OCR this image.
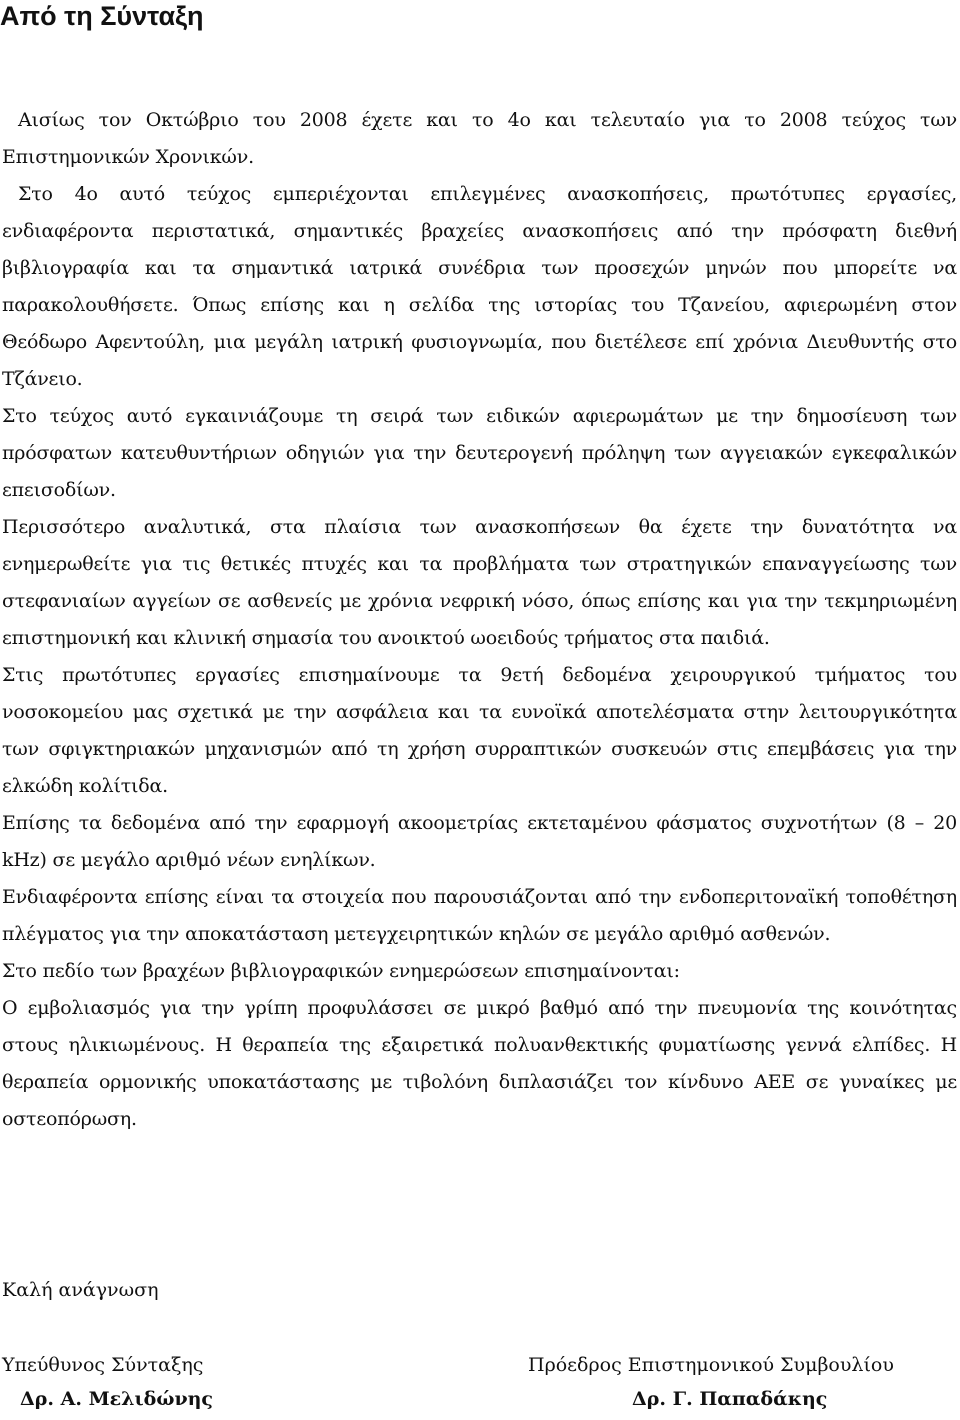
Από τη Σύνταξη

Αισίως τον Οκτώβριο του 2008 έχετε και το 4ο και τελευταίο για το 2008 τεύχος των Επιστημονικών Χρονικών.

Στο 4ο αυτό τεύχος εμπεριέχονται επιλεγμένες ανασκοπήσεις, πρωτότυπες εργασίες, ενδιαφέροντα περιστατικά, σημαντικές βραχείες ανασκοπήσεις από την πρόσφατη διεθνή βιβλιογραφία και τα σημαντικά ιατρικά συνέδρια των προσεχών μηνών που μπορείτε να παρακολουθήσετε. Όπως επίσης και η σελίδα της ιστορίας του Τζανείου, αφιερωμένη στον Θεόδωρο Αφεντούλη, μια μεγάλη ιατρική φυσιογνωμία, που διετέλεσε επί χρόνια Διευθυντής στο Τζάνειο.

Στο τεύχος αυτό εγκαινιάζουμε τη σειρά των ειδικών αφιερωμάτων με την δημοσίευση των πρόσφατων κατευθυντήριων οδηγιών για την δευτερογενή πρόληψη των αγγειακών εγκεφαλικών επεισοδίων.

Περισσότερο αναλυτικά, στα πλαίσια των ανασκοπήσεων θα έχετε την δυνατότητα να ενημερωθείτε για τις θετικές πτυχές και τα προβλήματα των στρατηγικών επαναγγείωσης των στεφανιαίων αγγείων σε ασθενείς με χρόνια νεφρική νόσο, όπως επίσης και για την τεκμηριωμένη επιστημονική και κλινική σημασία του ανοικτού ωοειδούς τρήματος στα παιδιά.

Στις πρωτότυπες εργασίες επισημαίνουμε τα 9ετή δεδομένα χειρουργικού τμήματος του νοσοκομείου μας σχετικά με την ασφάλεια και τα ευνοϊκά αποτελέσματα στην λειτουργικότητα των σφιγκτηριακών μηχανισμών από τη χρήση συρραπτικών συσκευών στις επεμβάσεις για την ελκώδη κολίτιδα.

Επίσης τα δεδομένα από την εφαρμογή ακοομετρίας εκτεταμένου φάσματος συχνοτήτων (8 – 20 kHz) σε μεγάλο αριθμό νέων ενηλίκων.

Ενδιαφέροντα επίσης είναι τα στοιχεία που παρουσιάζονται από την ενδοπεριτοναϊκή τοποθέτηση πλέγματος για την αποκατάσταση μετεγχειρητικών κηλών σε μεγάλο αριθμό ασθενών.

Στο πεδίο των βραχέων βιβλιογραφικών ενημερώσεων επισημαίνονται:

Ο εμβολιασμός για την γρίπη προφυλάσσει σε μικρό βαθμό από την πνευμονία της κοινότητας στους ηλικιωμένους. Η θεραπεία της εξαιρετικά πολυανθεκτικής φυματίωσης γεννά ελπίδες. Η θεραπεία ορμονικής υποκατάστασης με τιβολόνη διπλασιάζει τον κίνδυνο ΑΕΕ σε γυναίκες με οστεοπόρωση.

Καλή ανάγνωση
Υπεύθυνος Σύνταξης
Δρ. Α. Μελιδώνης
Πρόεδρος Επιστημονικού Συμβουλίου
Δρ. Γ. Παπαδάκης
